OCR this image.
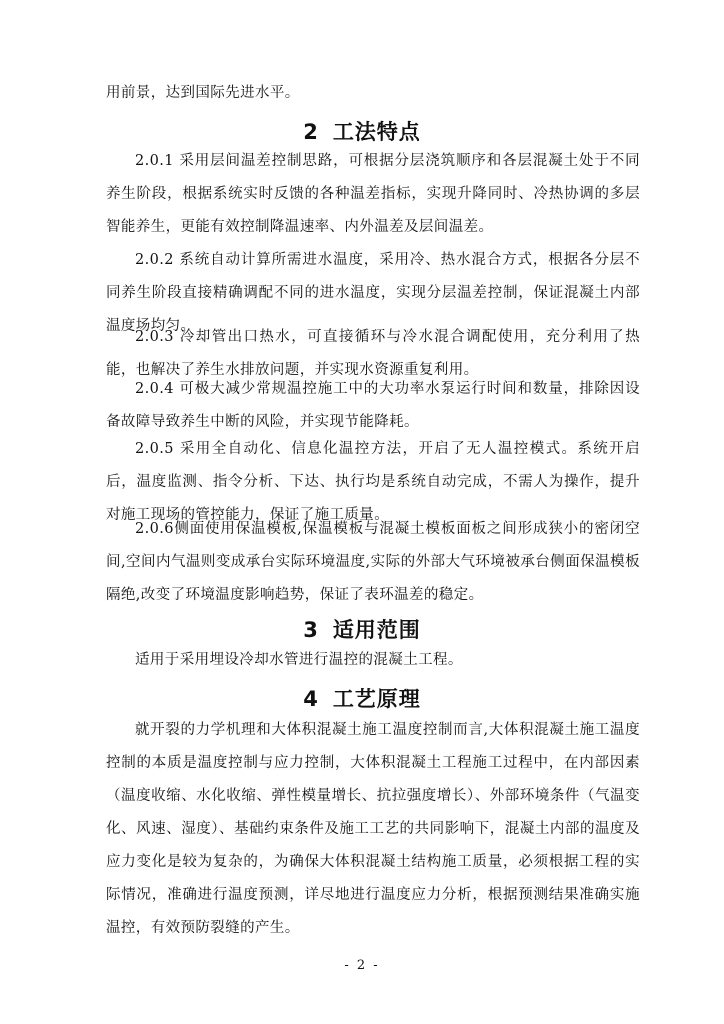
用前景，达到国际先进水平。

2 工法特点

2.0.1 采用层间温差控制思路，可根据分层浇筑顺序和各层混凝土处于不同养生阶段，根据系统实时反馈的各种温差指标，实现升降同时、冷热协调的多层智能养生，更能有效控制降温速率、内外温差及层间温差。

2.0.2 系统自动计算所需进水温度，采用冷、热水混合方式，根据各分层不同养生阶段直接精确调配不同的进水温度，实现分层温差控制，保证混凝土内部温度场均匀。

2.0.3 冷却管出口热水，可直接循环与冷水混合调配使用，充分利用了热能，也解决了养生水排放问题，并实现水资源重复利用。

2.0.4 可极大减少常规温控施工中的大功率水泵运行时间和数量，排除因设备故障导致养生中断的风险，并实现节能降耗。

2.0.5 采用全自动化、信息化温控方法，开启了无人温控模式。系统开启后，温度监测、指令分析、下达、执行均是系统自动完成，不需人为操作，提升对施工现场的管控能力，保证了施工质量。

2.0.6侧面使用保温模板,保温模板与混凝土模板面板之间形成狭小的密闭空间,空间内气温则变成承台实际环境温度,实际的外部大气环境被承台侧面保温模板隔绝,改变了环境温度影响趋势，保证了表环温差的稳定。

3 适用范围

适用于采用埋设冷却水管进行温控的混凝土工程。

4 工艺原理

就开裂的力学机理和大体积混凝土施工温度控制而言,大体积混凝土施工温度控制的本质是温度控制与应力控制，大体积混凝土工程施工过程中，在内部因素（温度收缩、水化收缩、弹性模量增长、抗拉强度增长）、外部环境条件（气温变化、风速、湿度）、基础约束条件及施工工艺的共同影响下，混凝土内部的温度及应力变化是较为复杂的，为确保大体积混凝土结构施工质量，必须根据工程的实际情况，准确进行温度预测，详尽地进行温度应力分析，根据预测结果准确实施温控，有效预防裂缝的产生。

- 2 -
